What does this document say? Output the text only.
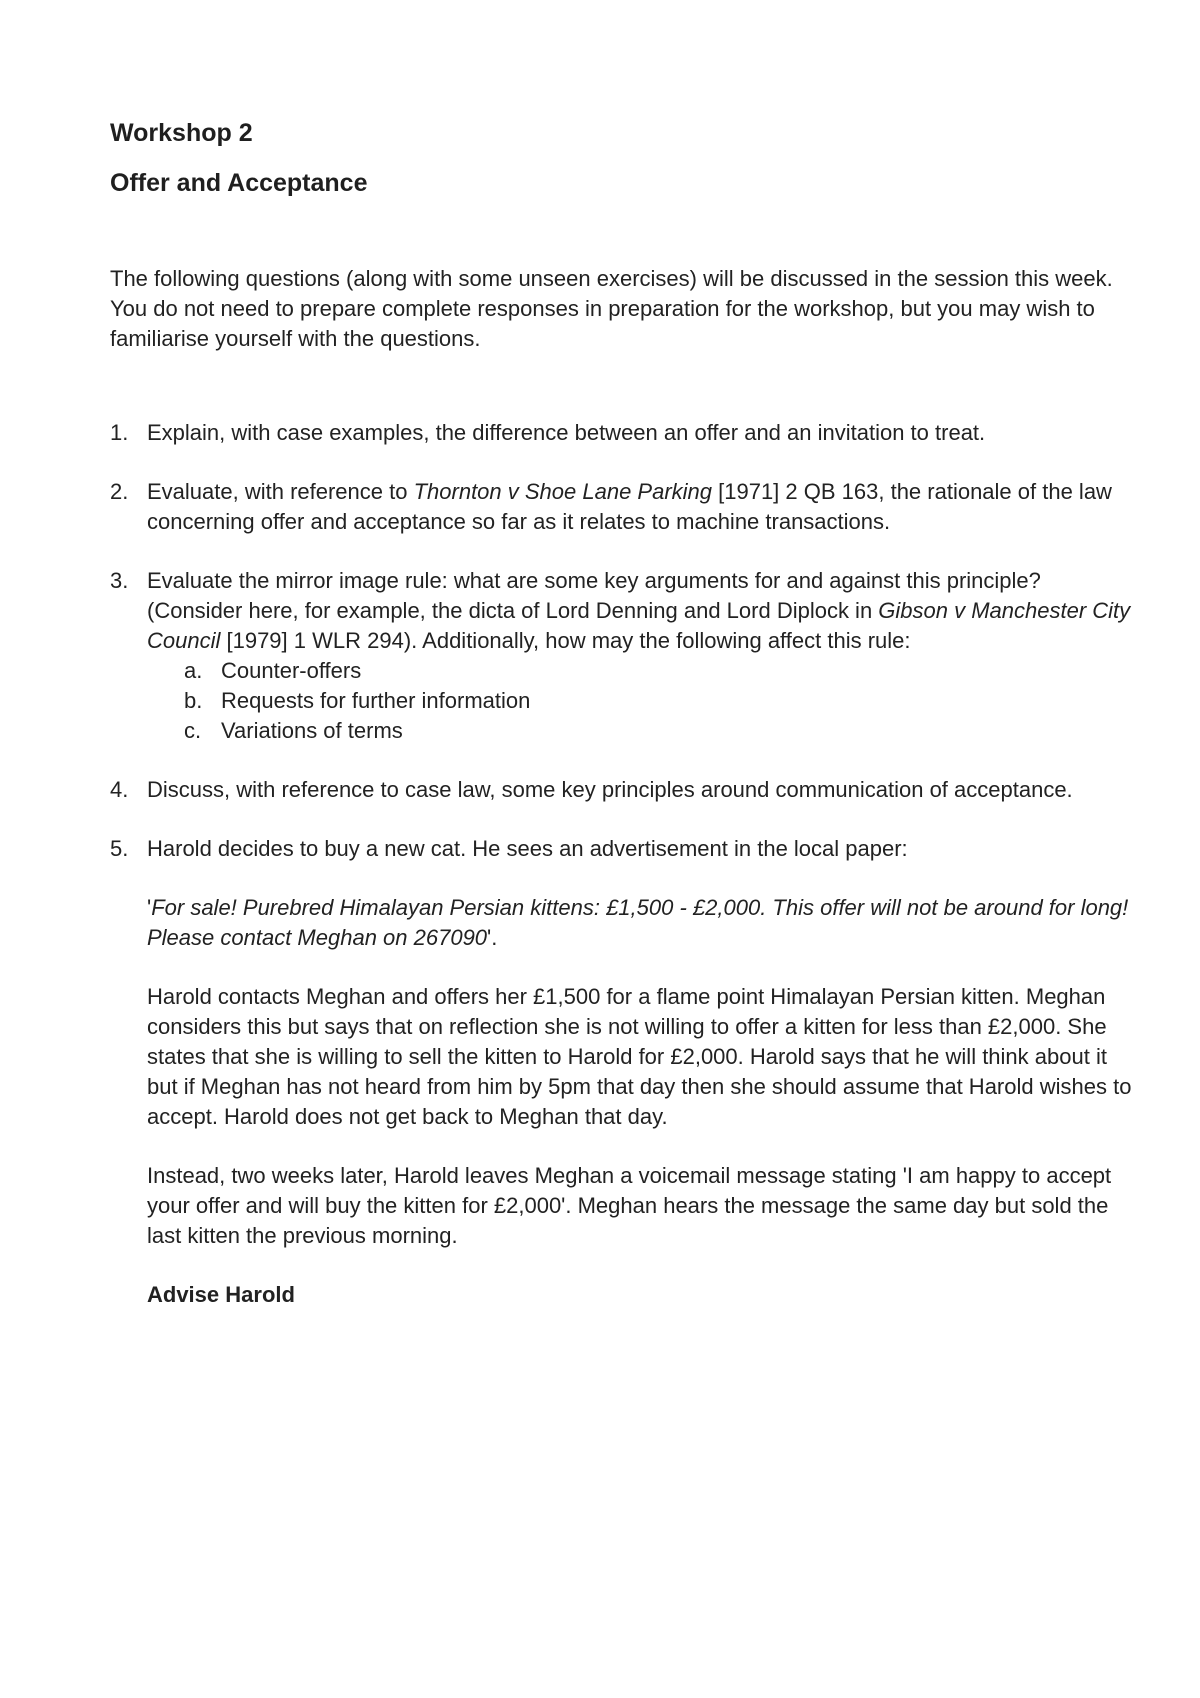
Workshop 2
Offer and Acceptance

The following questions (along with some unseen exercises) will be discussed in the session this week. You do not need to prepare complete responses in preparation for the workshop, but you may wish to familiarise yourself with the questions.

1. Explain, with case examples, the difference between an offer and an invitation to treat.
2. Evaluate, with reference to Thornton v Shoe Lane Parking [1971] 2 QB 163, the rationale of the law concerning offer and acceptance so far as it relates to machine transactions.
3. Evaluate the mirror image rule: what are some key arguments for and against this principle? (Consider here, for example, the dicta of Lord Denning and Lord Diplock in Gibson v Manchester City Council [1979] 1 WLR 294). Additionally, how may the following affect this rule:
a. Counter-offers
b. Requests for further information
c. Variations of terms
4. Discuss, with reference to case law, some key principles around communication of acceptance.
5. Harold decides to buy a new cat. He sees an advertisement in the local paper:

'For sale! Purebred Himalayan Persian kittens: £1,500 - £2,000. This offer will not be around for long! Please contact Meghan on 267090'.

Harold contacts Meghan and offers her £1,500 for a flame point Himalayan Persian kitten. Meghan considers this but says that on reflection she is not willing to offer a kitten for less than £2,000. She states that she is willing to sell the kitten to Harold for £2,000. Harold says that he will think about it but if Meghan has not heard from him by 5pm that day then she should assume that Harold wishes to accept. Harold does not get back to Meghan that day.

Instead, two weeks later, Harold leaves Meghan a voicemail message stating 'I am happy to accept your offer and will buy the kitten for £2,000'. Meghan hears the message the same day but sold the last kitten the previous morning.

Advise Harold
